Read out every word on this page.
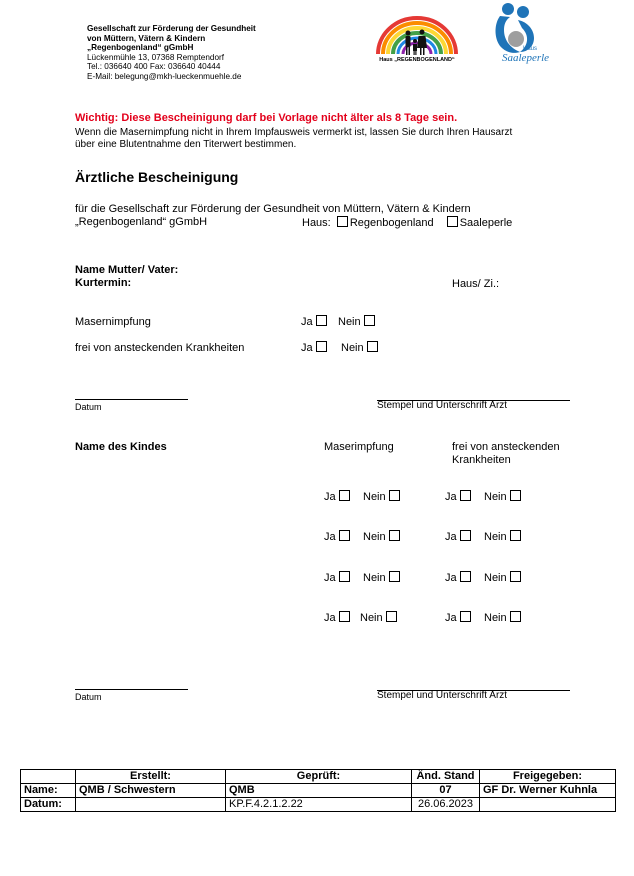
Gesellschaft zur Förderung der Gesundheit
von Müttern, Vätern & Kindern
„Regenbogenland“ gGmbH
Lückenmühle 13, 07368 Remptendorf
Tel.: 036640 400 Fax: 036640 40444
E-Mail: belegung@mkh-lueckenmuehle.de
Haus „REGENBOGENLAND“
Haus
Saaleperle
Wichtig: Diese Bescheinigung darf bei Vorlage nicht älter als 8 Tage sein.
Wenn die Masernimpfung nicht in Ihrem Impfausweis vermerkt ist, lassen Sie durch Ihren Hausarzt
über eine Blutentnahme den Titerwert bestimmen.
Ärztliche Bescheinigung
für die Gesellschaft zur Förderung der Gesundheit von Müttern, Vätern & Kindern
„Regenbogenland“ gGmbH	Haus: Regenbogenland Saaleperle
Name Mutter/ Vater:
Kurtermin:	Haus/ Zi.:
Masernimpfung	Ja	Nein
frei von ansteckenden Krankheiten	Ja	Nein
Datum	Stempel und Unterschrift Arzt
Name des Kindes	Maserimpfung	frei von ansteckenden
Krankheiten
Ja	Nein	Ja	Nein
Ja	Nein	Ja	Nein
Ja	Nein	Ja	Nein
Ja	Nein	Ja	Nein
Datum	Stempel und Unterschrift Arzt
	Erstellt:	Geprüft:	Änd. Stand	Freigegeben:
Name:	QMB / Schwestern	QMB	07	GF Dr. Werner Kuhnla
Datum:		KP.F.4.2.1.2.22	26.06.2023	
